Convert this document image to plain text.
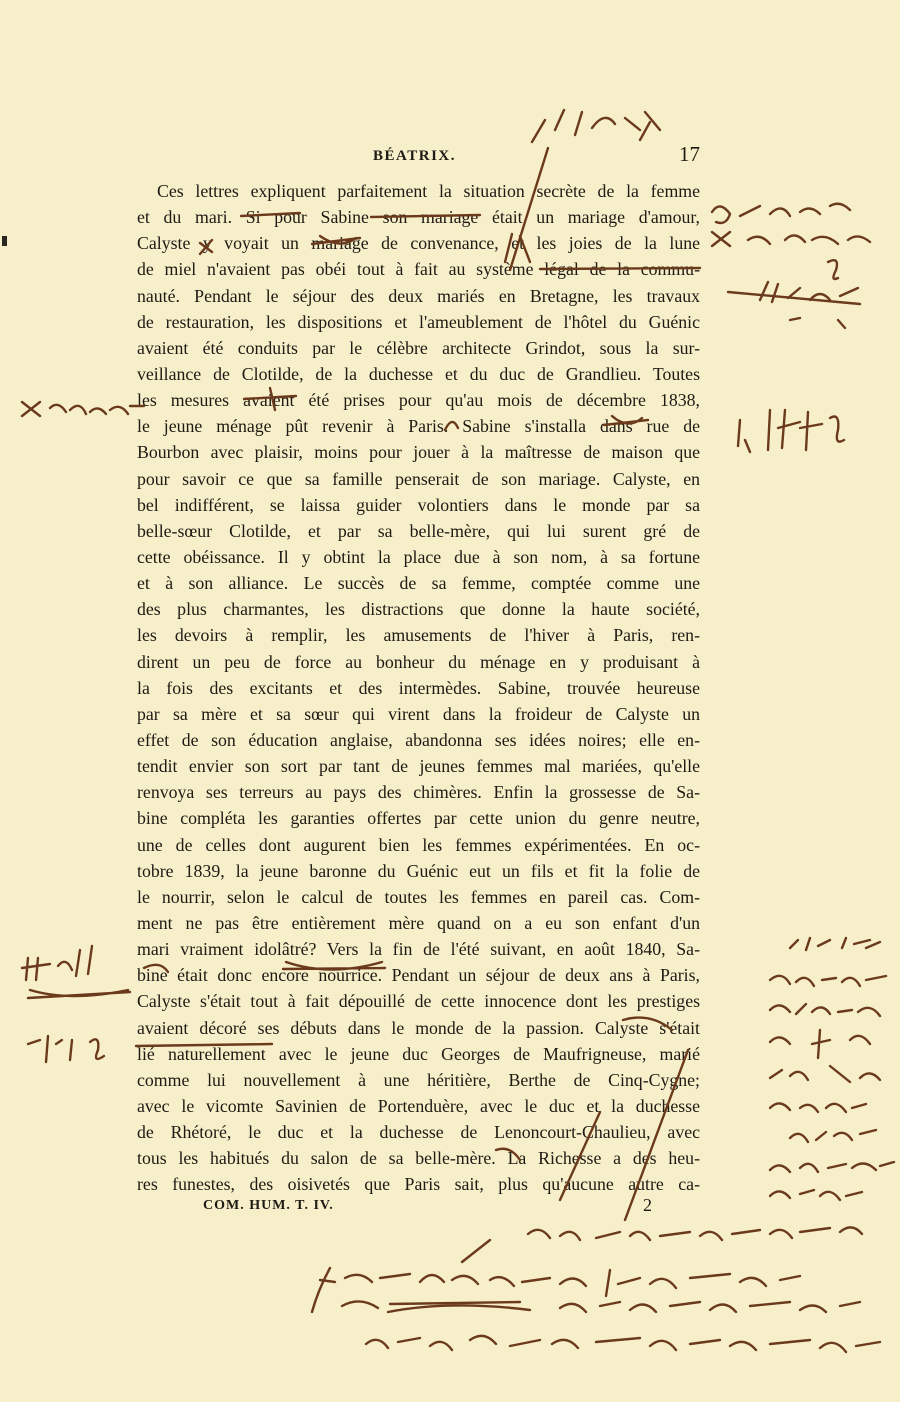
BÉATRIX.	17
Ces lettres expliquent parfaitement la situation secrète de la femme
et du mari. Si pour Sabine son mariage était un mariage d'amour,
Calyste y voyait un mariage de convenance, et les joies de la lune
de miel n'avaient pas obéi tout à fait au système légal de la commu-
nauté. Pendant le séjour des deux mariés en Bretagne, les travaux
de restauration, les dispositions et l'ameublement de l'hôtel du Guénic
avaient été conduits par le célèbre architecte Grindot, sous la sur-
veillance de Clotilde, de la duchesse et du duc de Grandlieu. Toutes
les mesures avaient été prises pour qu'au mois de décembre 1838,
le jeune ménage pût revenir à Paris. Sabine s'installa dans rue de
Bourbon avec plaisir, moins pour jouer à la maîtresse de maison que
pour savoir ce que sa famille penserait de son mariage. Calyste, en
bel indifférent, se laissa guider volontiers dans le monde par sa
belle-sœur Clotilde, et par sa belle-mère, qui lui surent gré de
cette obéissance. Il y obtint la place due à son nom, à sa fortune
et à son alliance. Le succès de sa femme, comptée comme une
des plus charmantes, les distractions que donne la haute société,
les devoirs à remplir, les amusements de l'hiver à Paris, ren-
dirent un peu de force au bonheur du ménage en y produisant à
la fois des excitants et des intermèdes. Sabine, trouvée heureuse
par sa mère et sa sœur qui virent dans la froideur de Calyste un
effet de son éducation anglaise, abandonna ses idées noires; elle en-
tendit envier son sort par tant de jeunes femmes mal mariées, qu'elle
renvoya ses terreurs au pays des chimères. Enfin la grossesse de Sa-
bine compléta les garanties offertes par cette union du genre neutre,
une de celles dont augurent bien les femmes expérimentées. En oc-
tobre 1839, la jeune baronne du Guénic eut un fils et fit la folie de
le nourrir, selon le calcul de toutes les femmes en pareil cas. Com-
ment ne pas être entièrement mère quand on a eu son enfant d'un
mari vraiment idolâtré? Vers la fin de l'été suivant, en août 1840, Sa-
bine était donc encore nourrice. Pendant un séjour de deux ans à Paris,
Calyste s'était tout à fait dépouillé de cette innocence dont les prestiges
avaient décoré ses débuts dans le monde de la passion. Calyste s'était
lié naturellement avec le jeune duc Georges de Maufrigneuse, marié
comme lui nouvellement à une héritière, Berthe de Cinq-Cygne;
avec le vicomte Savinien de Portenduère, avec le duc et la duchesse
de Rhétoré, le duc et la duchesse de Lenoncourt-Chaulieu, avec
tous les habitués du salon de sa belle-mère. La Richesse a des heu-
res funestes, des oisivetés que Paris sait, plus qu'aucune autre ca-
COM. HUM. T. IV.	2
